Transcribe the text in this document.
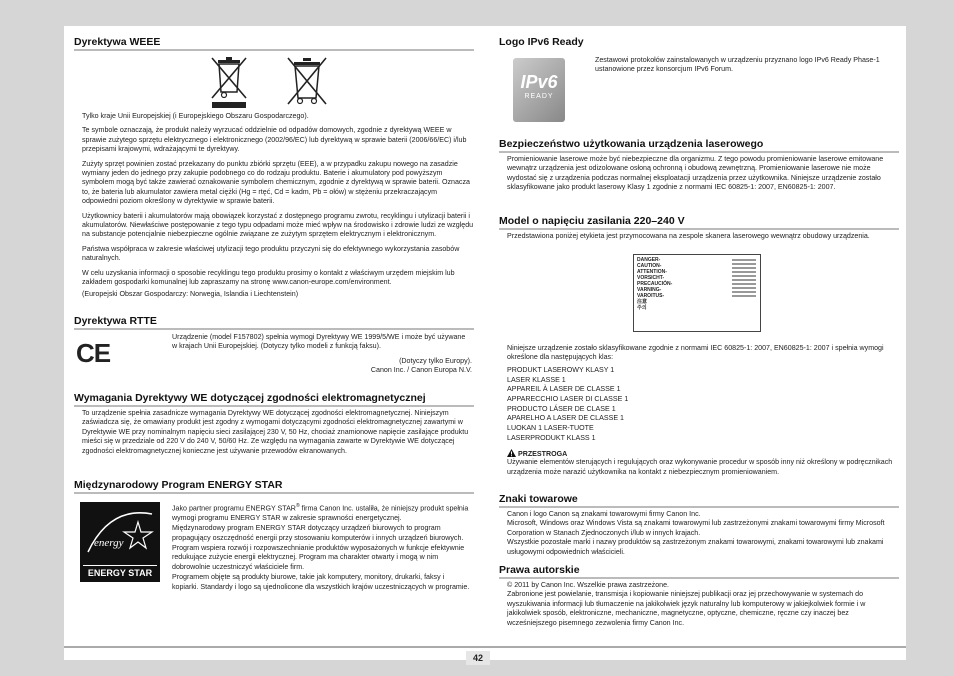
Dyrektywa WEEE

Tylko kraje Unii Europejskiej (i Europejskiego Obszaru Gospodarczego).

Te symbole oznaczają, że produkt należy wyrzucać oddzielnie od odpadów domowych, zgodnie z dyrektywą WEEE w sprawie zużytego sprzętu elektrycznego i elektronicznego (2002/96/EC) lub dyrektywą w sprawie baterii (2006/66/EC) i/lub przepisami krajowymi, wdrażającymi te dyrektywy.

Zużyty sprzęt powinien zostać przekazany do punktu zbiórki sprzętu (EEE), a w przypadku zakupu nowego na zasadzie wymiany jeden do jednego przy zakupie podobnego co do rodzaju produktu. Baterie i akumulatory pod powyższym symbolem mogą być także zawierać oznakowanie symbolem chemicznym, zgodnie z dyrektywą w sprawie baterii. Oznacza to, że bateria lub akumulator zawiera metal ciężki (Hg = rtęć, Cd = kadm, Pb = ołów) w stężeniu przekraczającym odpowiedni poziom określony w dyrektywie w sprawie baterii.

Użytkownicy baterii i akumulatorów mają obowiązek korzystać z dostępnego programu zwrotu, recyklingu i utylizacji baterii i akumulatorów. Niewłaściwe postępowanie z tego typu odpadami może mieć wpływ na środowisko i zdrowie ludzi ze względu na substancje potencjalnie niebezpieczne ogólnie związane ze zużytym sprzętem elektrycznym i elektronicznym.

Państwa współpraca w zakresie właściwej utylizacji tego produktu przyczyni się do efektywnego wykorzystania zasobów naturalnych.

W celu uzyskania informacji o sposobie recyklingu tego produktu prosimy o kontakt z właściwym urzędem miejskim lub zakładem gospodarki komunalnej lub zapraszamy na stronę www.canon-europe.com/environment.

(Europejski Obszar Gospodarczy: Norwegia, Islandia i Liechtenstein)

Dyrektywa RTTE
CE

Urządzenie (model F157802) spełnia wymogi Dyrektywy WE 1999/5/WE i może być używane w krajach Unii Europejskiej. (Dotyczy tylko modeli z funkcją faksu).

(Dotyczy tylko Europy).

Canon Inc. / Canon Europa N.V.

Wymagania Dyrektywy WE dotyczącej zgodności elektromagnetycznej

To urządzenie spełnia zasadnicze wymagania Dyrektywy WE dotyczącej zgodności elektromagnetycznej. Niniejszym zaświadcza się, że omawiany produkt jest zgodny z wymogami dotyczącymi zgodności elektromagnetycznej zawartymi w Dyrektywie WE przy nominalnym napięciu sieci zasilającej 230 V, 50 Hz, chociaż znamionowe napięcie zasilające produktu mieści się w przedziale od 220 V do 240 V, 50/60 Hz. Ze względu na wymagania zawarte w Dyrektywie WE dotyczącej zgodności elektromagnetycznej konieczne jest używanie przewodów ekranowanych.

Międzynarodowy Program ENERGY STAR
energy
ENERGY STAR

Jako partner programu ENERGY STAR® firma Canon Inc. ustaliła, że niniejszy produkt spełnia wymogi programu ENERGY STAR w zakresie sprawności energetycznej.

Międzynarodowy program ENERGY STAR dotyczący urządzeń biurowych to program propagujący oszczędność energii przy stosowaniu komputerów i innych urządzeń biurowych.

Program wspiera rozwój i rozpowszechnianie produktów wyposażonych w funkcje efektywnie redukujące zużycie energii elektrycznej. Program ma charakter otwarty i mogą w nim dobrowolnie uczestniczyć właściciele firm.

Programem objęte są produkty biurowe, takie jak komputery, monitory, drukarki, faksy i kopiarki. Standardy i logo są ujednolicone dla wszystkich krajów uczestniczących w programie.

Logo IPv6 Ready
IPv6
READY

Zestawowi protokołów zainstalowanych w urządzeniu przyznano logo IPv6 Ready Phase-1 ustanowione przez konsorcjum IPv6 Forum.

Bezpieczeństwo użytkowania urządzenia laserowego

Promieniowanie laserowe może być niebezpieczne dla organizmu. Z tego powodu promieniowanie laserowe emitowane wewnątrz urządzenia jest odizolowane osłoną ochronną i obudową zewnętrzną. Promieniowanie laserowe nie może wydostać się z urządzenia podczas normalnej eksploatacji urządzenia przez użytkownika. Niniejsze urządzenie zostało sklasyfikowane jako produkt laserowy Klasy 1 zgodnie z normami IEC 60825-1: 2007, EN60825-1: 2007.

Model o napięciu zasilania 220–240 V

Przedstawiona poniżej etykieta jest przymocowana na zespole skanera laserowego wewnątrz obudowy urządzenia.

DANGER-
CAUTION-
ATTENTION-
VORSICHT-
PRECAUCIÓN-
VARNING-
VAROITUS-
注意
주의

Niniejsze urządzenie zostało sklasyfikowane zgodnie z normami IEC 60825-1: 2007, EN60825-1: 2007 i spełnia wymogi określone dla następujących klas:

PRODUKT LASEROWY KLASY 1
LASER KLASSE 1
APPAREIL À LASER DE CLASSE 1
APPARECCHIO LASER DI CLASSE 1
PRODUCTO LÁSER DE CLASE 1
APARELHO A LASER DE CLASSE 1
LUOKAN 1 LASER-TUOTE
LASERPRODUKT KLASS 1
PRZESTROGA

Używanie elementów sterujących i regulujących oraz wykonywanie procedur w sposób inny niż określony w podręcznikach urządzenia może narazić użytkownika na kontakt z niebezpiecznym promieniowaniem.

Znaki towarowe

Canon i logo Canon są znakami towarowymi firmy Canon Inc.

Microsoft, Windows oraz Windows Vista są znakami towarowymi lub zastrzeżonymi znakami towarowymi firmy Microsoft Corporation w Stanach Zjednoczonych i/lub w innych krajach.

Wszystkie pozostałe marki i nazwy produktów są zastrzeżonym znakami towarowymi, znakami towarowymi lub znakami usługowymi odpowiednich właścicieli.

Prawa autorskie

© 2011 by Canon Inc. Wszelkie prawa zastrzeżone.

Zabronione jest powielanie, transmisja i kopiowanie niniejszej publikacji oraz jej przechowywanie w systemach do wyszukiwania informacji lub tłumaczenie na jakikolwiek język naturalny lub komputerowy w jakiejkolwiek formie i w jakikolwiek sposób, elektroniczne, mechaniczne, magnetyczne, optyczne, chemiczne, ręczne czy inaczej bez wcześniejszego pisemnego zezwolenia firmy Canon Inc.

42
